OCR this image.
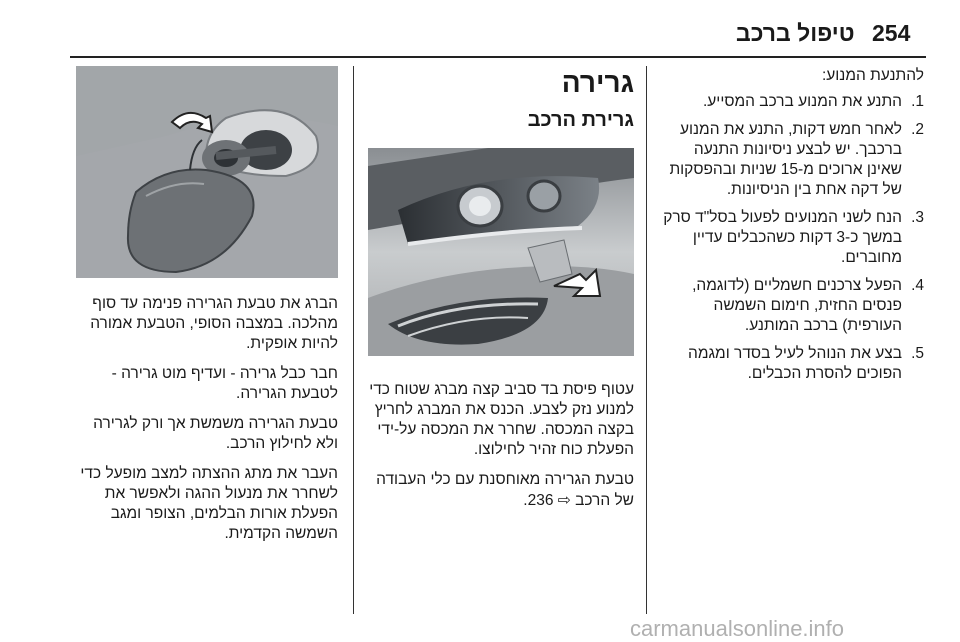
טיפול ברכב 254

להתנעת המנוע:

1.
התנע את המנוע ברכב המסייע.
2.
לאחר חמש דקות, התנע את המנוע ברכבך. יש לבצע ניסיונות התנעה שאינן ארוכים מ-15 שניות ובהפסקות של דקה אחת בין הניסיונות.
3.
הנח לשני המנועים לפעול בסל"ד סרק במשך כ-3 דקות כשהכבלים עדיין מחוברים.
4.
הפעל צרכנים חשמליים (לדוגמה, פנסים החזית, חימום השמשה העורפית) ברכב המותנע.
5.
בצע את הנוהל לעיל בסדר ומגמה הפוכים להסרת הכבלים.
גרירה
גרירת הרכב

עטוף פיסת בד סביב קצה מברג שטוח כדי למנוע נזק לצבע. הכנס את המברג לחריץ בקצה המכסה. שחרר את המכסה על-ידי הפעלת כוח זהיר לחילוצו.

טבעת הגרירה מאוחסנת עם כלי העבודה של הרכב ⇨ 236.

הברג את טבעת הגרירה פנימה עד סוף מהלכה. במצבה הסופי, הטבעת אמורה להיות אופקית.

חבר כבל גרירה - ועדיף מוט גרירה - לטבעת הגרירה.

טבעת הגרירה משמשת אך ורק לגרירה ולא לחילוץ הרכב.

העבר את מתג ההצתה למצב מופעל כדי לשחרר את מנעול ההגה ולאפשר את הפעלת אורות הבלמים, הצופר ומגב השמשה הקדמית.

carmanualsonline.info
